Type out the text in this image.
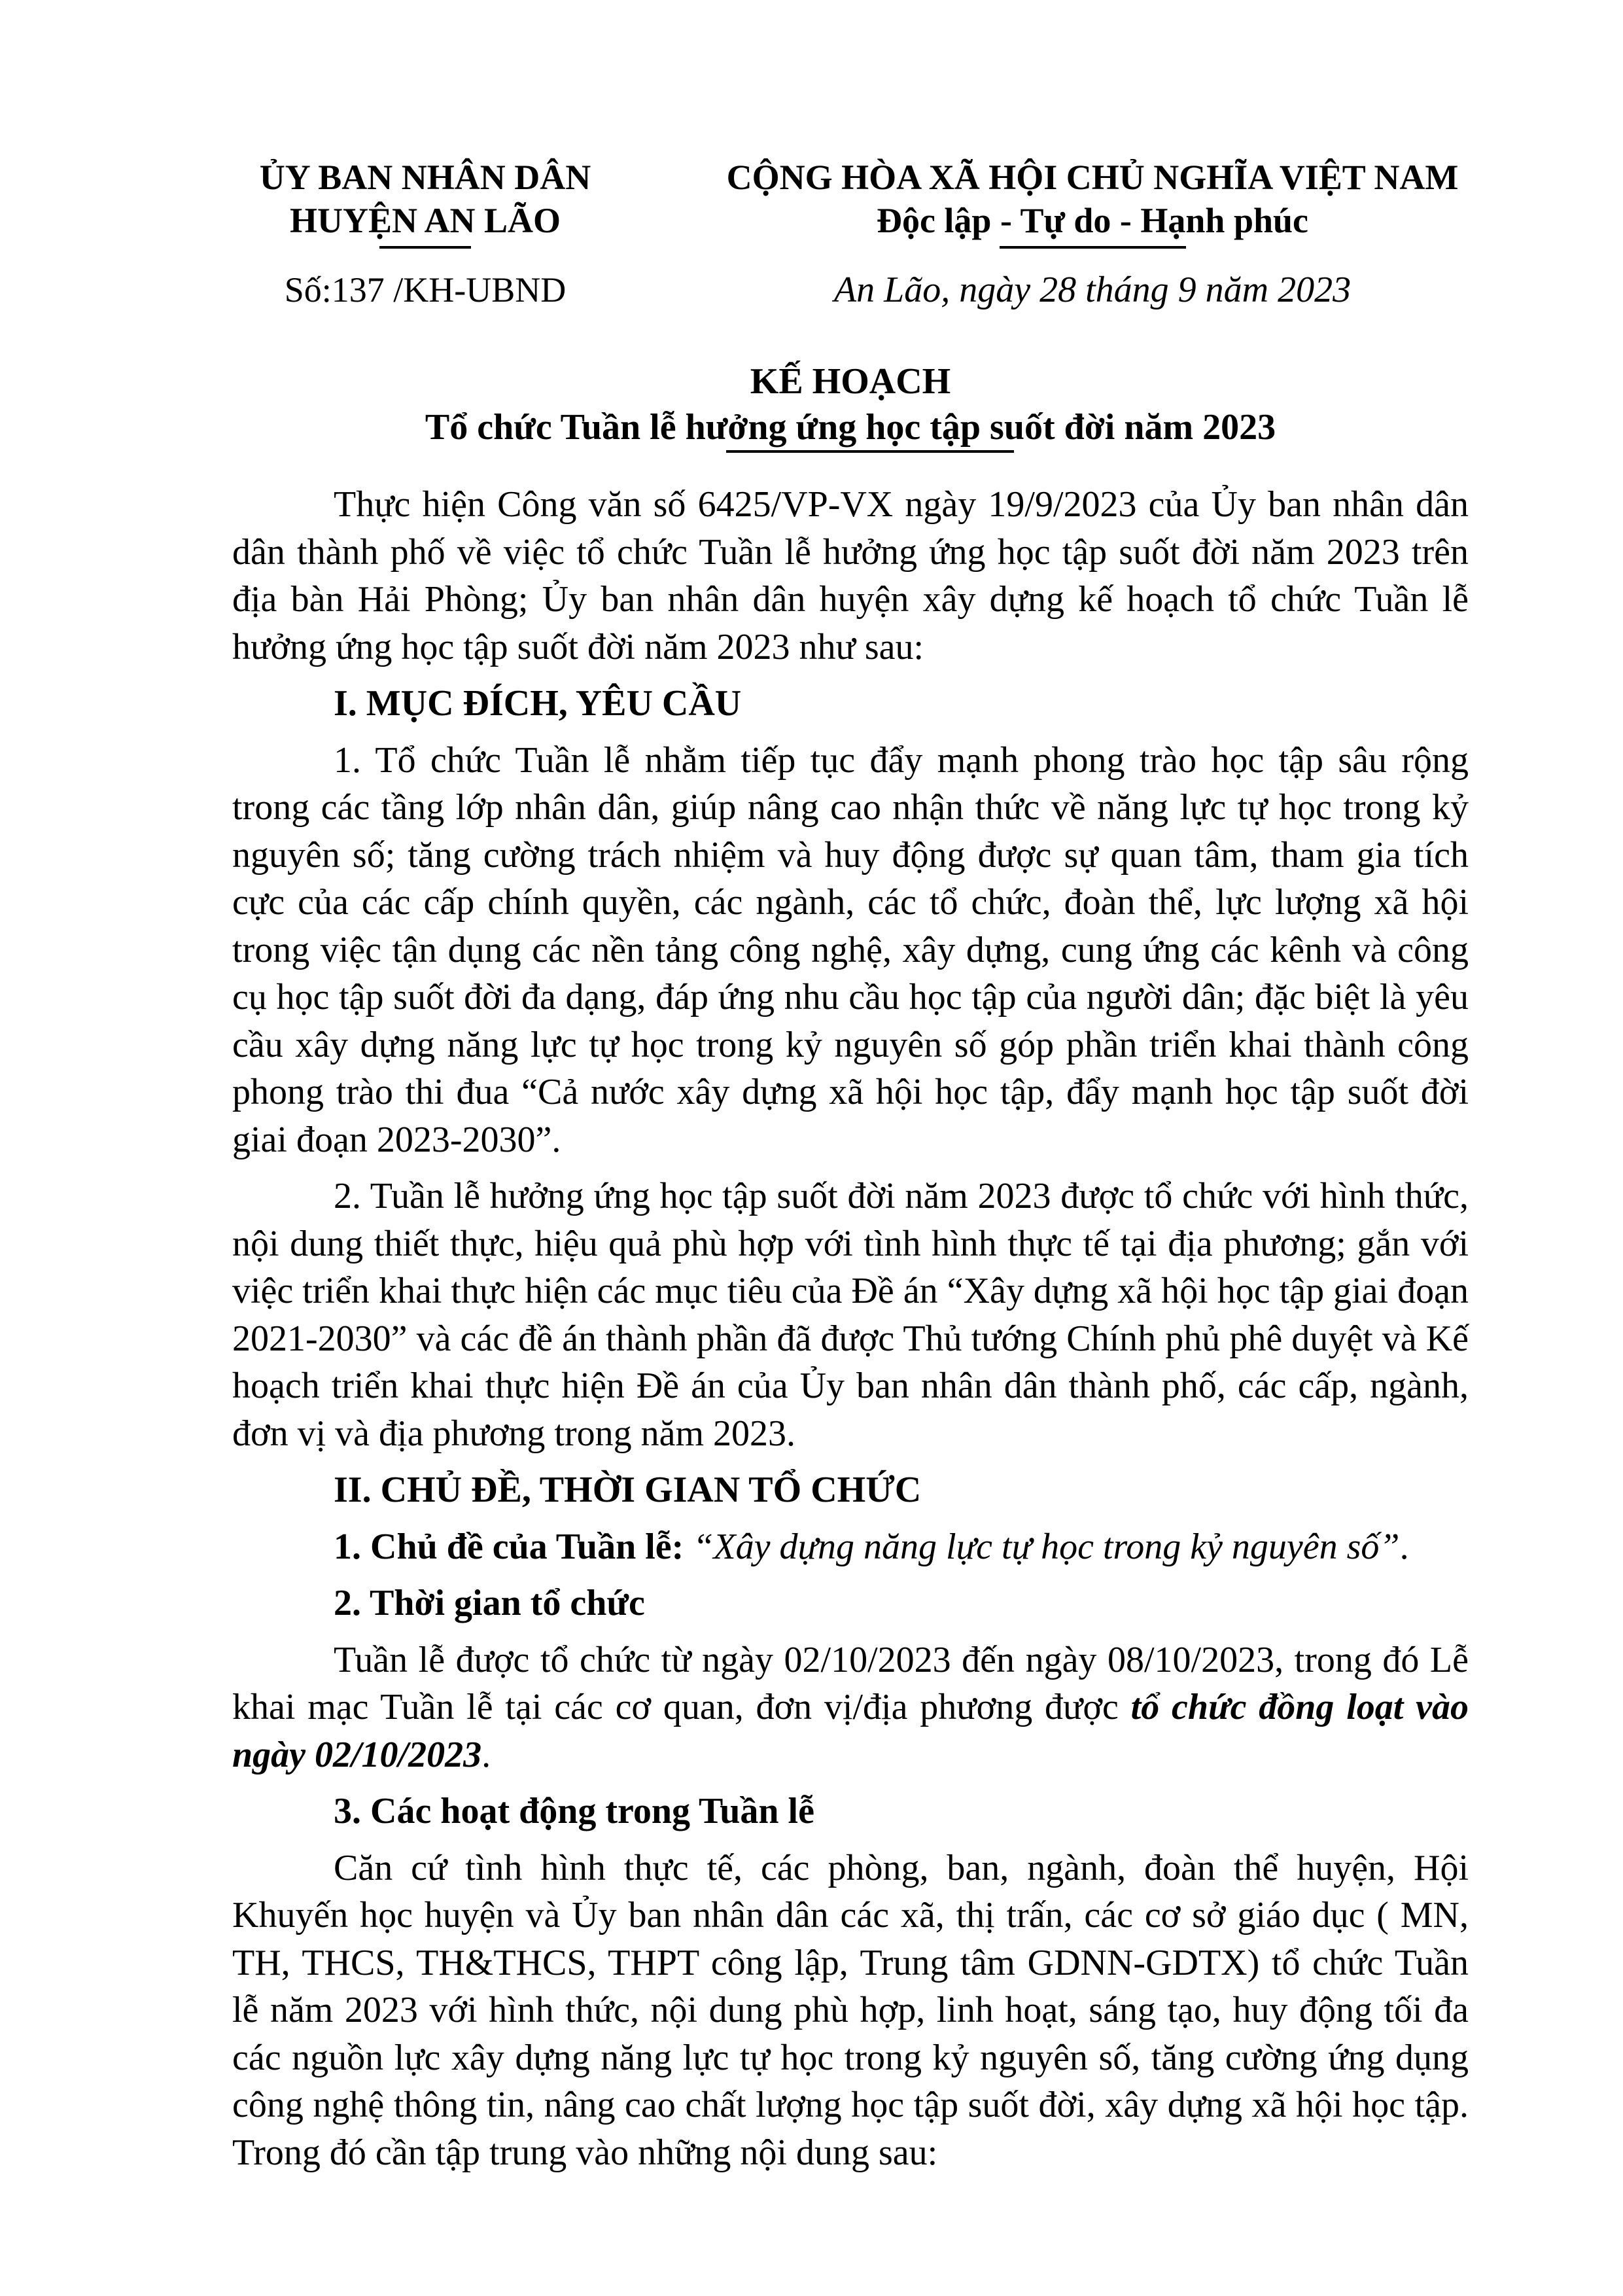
ỦY BAN NHÂN DÂN
HUYỆN AN LÃO
CỘNG HÒA XÃ HỘI CHỦ NGHĨA VIỆT NAM
Độc lập - Tự do - Hạnh phúc
Số:137 /KH-UBND	An Lão, ngày 28 tháng 9 năm 2023
KẾ HOẠCH
Tổ chức Tuần lễ hưởng ứng học tập suốt đời năm 2023

Thực hiện Công văn số 6425/VP-VX ngày 19/9/2023 của Ủy ban nhân dân dân thành phố về việc tổ chức Tuần lễ hưởng ứng học tập suốt đời năm 2023 trên địa bàn Hải Phòng; Ủy ban nhân dân huyện xây dựng kế hoạch tổ chức Tuần lễ hưởng ứng học tập suốt đời năm 2023 như sau:

I. MỤC ĐÍCH, YÊU CẦU

1. Tổ chức Tuần lễ nhằm tiếp tục đẩy mạnh phong trào học tập sâu rộng trong các tầng lớp nhân dân, giúp nâng cao nhận thức về năng lực tự học trong kỷ nguyên số; tăng cường trách nhiệm và huy động được sự quan tâm, tham gia tích cực của các cấp chính quyền, các ngành, các tổ chức, đoàn thể, lực lượng xã hội trong việc tận dụng các nền tảng công nghệ, xây dựng, cung ứng các kênh và công cụ học tập suốt đời đa dạng, đáp ứng nhu cầu học tập của người dân; đặc biệt là yêu cầu xây dựng năng lực tự học trong kỷ nguyên số góp phần triển khai thành công phong trào thi đua “Cả nước xây dựng xã hội học tập, đẩy mạnh học tập suốt đời giai đoạn 2023-2030”.

2. Tuần lễ hưởng ứng học tập suốt đời năm 2023 được tổ chức với hình thức, nội dung thiết thực, hiệu quả phù hợp với tình hình thực tế tại địa phương; gắn với việc triển khai thực hiện các mục tiêu của Đề án “Xây dựng xã hội học tập giai đoạn 2021-2030” và các đề án thành phần đã được Thủ tướng Chính phủ phê duyệt và Kế hoạch triển khai thực hiện Đề án của Ủy ban nhân dân thành phố, các cấp, ngành, đơn vị và địa phương trong năm 2023.

II. CHỦ ĐỀ, THỜI GIAN TỔ CHỨC

1. Chủ đề của Tuần lễ: “Xây dựng năng lực tự học trong kỷ nguyên số”.

2. Thời gian tổ chức

Tuần lễ được tổ chức từ ngày 02/10/2023 đến ngày 08/10/2023, trong đó Lễ khai mạc Tuần lễ tại các cơ quan, đơn vị/địa phương được tổ chức đồng loạt vào ngày 02/10/2023.

3. Các hoạt động trong Tuần lễ

Căn cứ tình hình thực tế, các phòng, ban, ngành, đoàn thể huyện, Hội Khuyến học huyện và Ủy ban nhân dân các xã, thị trấn, các cơ sở giáo dục ( MN, TH, THCS, TH&THCS, THPT công lập, Trung tâm GDNN-GDTX) tổ chức Tuần lễ năm 2023 với hình thức, nội dung phù hợp, linh hoạt, sáng tạo, huy động tối đa các nguồn lực xây dựng năng lực tự học trong kỷ nguyên số, tăng cường ứng dụng công nghệ thông tin, nâng cao chất lượng học tập suốt đời, xây dựng xã hội học tập. Trong đó cần tập trung vào những nội dung sau:
